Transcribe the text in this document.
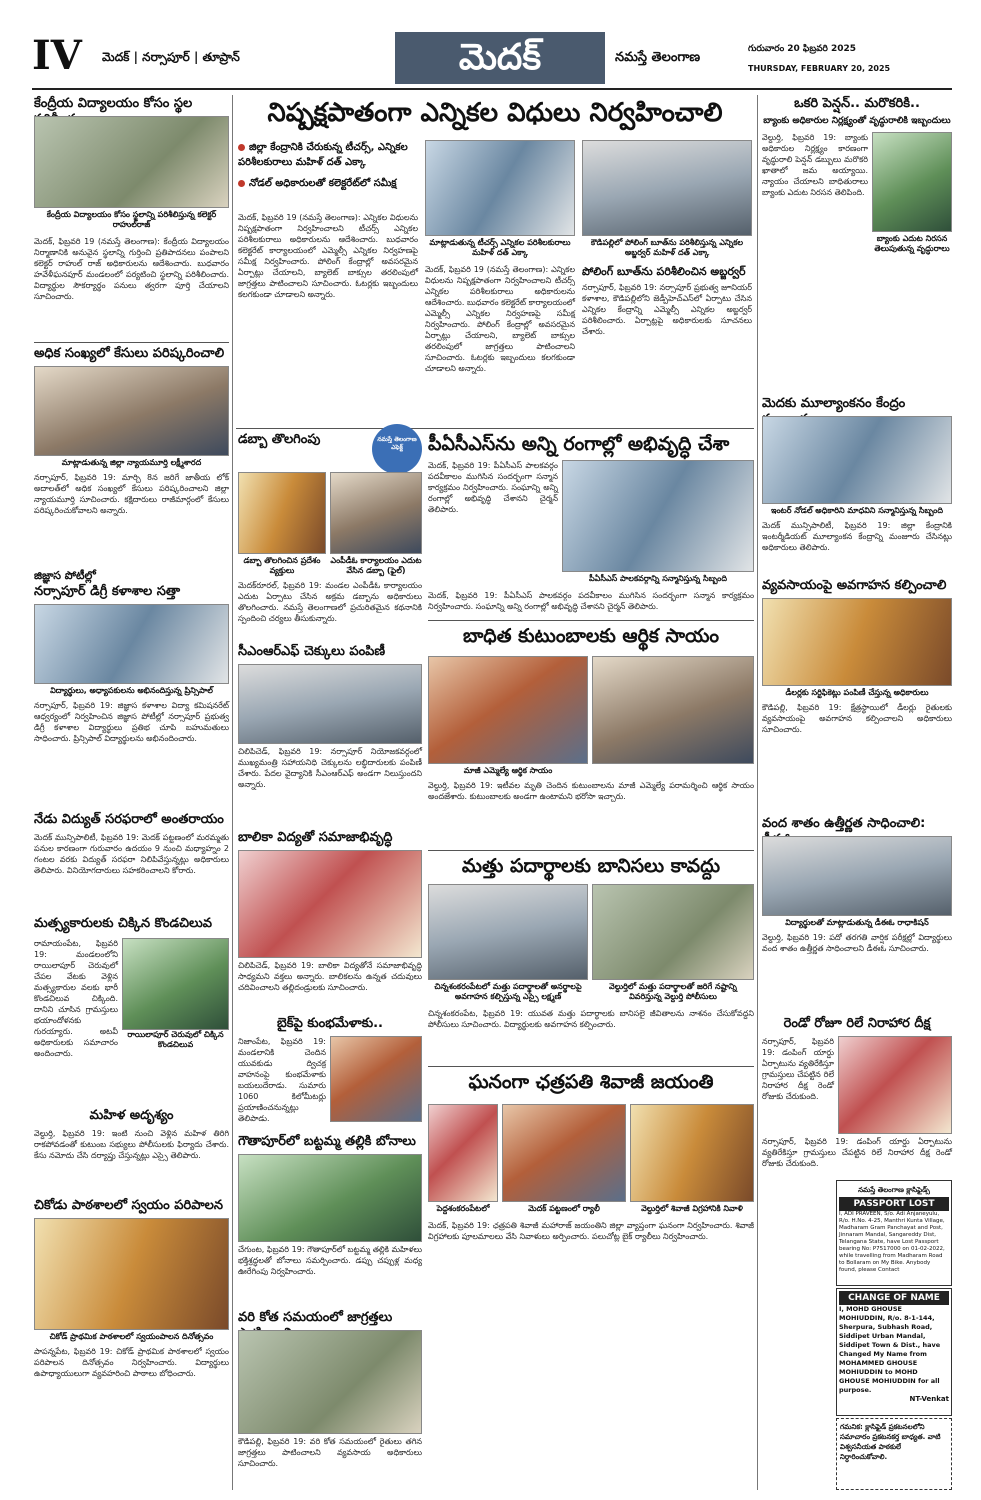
IV	మెదక్ | నర్సాపూర్ | తూప్రాన్	మెదక్	నమస్తే తెలంగాణ
గురువారం 20 ఫిబ్రవరి 2025
THURSDAY, FEBRUARY 20, 2025
కేంద్రీయ విద్యాలయం కోసం స్థల
కేంద్రీయ విద్యాలయం కోసం స్థలాన్ని పరిశీలిస్తున్న కలెక్టర్ రాహుల్‌రాజ్
మెదక్, ఫిబ్రవరి 19 (నమస్తే తెలంగాణ): కేంద్రీయ విద్యాలయం నిర్మాణానికి అనువైన స్థలాన్ని గుర్తించి ప్రతిపాదనలు పంపాలని కలెక్టర్ రాహుల్ రాజ్ అధికారులను ఆదేశించారు. బుధవారం హవేళీఘనపూర్ మండలంలో పర్యటించి స్థలాన్ని పరిశీలించారు. విద్యార్థుల సౌకర్యార్థం పనులు త్వరగా పూర్తి చేయాలని సూచించారు.
అధిక సంఖ్యలో కేసులు పరిష్కరించాలి
మాట్లాడుతున్న జిల్లా న్యాయమూర్తి లక్ష్మీశారద
నర్సాపూర్, ఫిబ్రవరి 19: మార్చి 8న జరిగే జాతీయ లోక్ అదాలత్‌లో అధిక సంఖ్యలో కేసులు పరిష్కరించాలని జిల్లా న్యాయమూర్తి సూచించారు. కక్షిదారులు రాజీమార్గంలో కేసులు పరిష్కరించుకోవాలని అన్నారు.
జిజ్ఞాస పోటీల్లో
నర్సాపూర్ డిగ్రీ కళాశాల సత్తా
విద్యార్థులు, అధ్యాపకులను అభినందిస్తున్న ప్రిన్సిపాల్
నర్సాపూర్, ఫిబ్రవరి 19: జిజ్ఞాస కళాశాల విద్యా కమిషనరేట్ ఆధ్వర్యంలో నిర్వహించిన జిజ్ఞాస పోటీల్లో నర్సాపూర్ ప్రభుత్వ డిగ్రీ కళాశాల విద్యార్థులు ప్రతిభ చూపి బహుమతులు సాధించారు. ప్రిన్సిపాల్ విద్యార్థులను అభినందించారు.
నేడు విద్యుత్ సరఫరాలో అంతరాయం
మెదక్ మున్సిపాలిటీ, ఫిబ్రవరి 19: మెదక్ పట్టణంలో మరమ్మతు పనుల కారణంగా గురువారం ఉదయం 9 నుంచి మధ్యాహ్నం 2 గంటల వరకు విద్యుత్ సరఫరా నిలిపివేస్తున్నట్లు అధికారులు తెలిపారు. వినియోగదారులు సహకరించాలని కోరారు.
మత్స్యకారులకు చిక్కిన కొండచిలువ
రాయిలాపూర్ చెరువులో చిక్కిన కొండచిలువ
రామాయంపేట, ఫిబ్రవరి 19: మండలంలోని రాయిలాపూర్ చెరువులో చేపల వేటకు వెళ్లిన మత్స్యకారుల వలకు భారీ కొండచిలువ చిక్కింది. దానిని చూసిన గ్రామస్తులు భయాందోళనకు గురయ్యారు. అటవీ అధికారులకు సమాచారం అందించారు.
మహిళ అదృశ్యం
వెల్దుర్తి, ఫిబ్రవరి 19: ఇంటి నుంచి వెళ్లిన మహిళ తిరిగి రాకపోవడంతో కుటుంబ సభ్యులు పోలీసులకు ఫిర్యాదు చేశారు. కేసు నమోదు చేసి దర్యాప్తు చేస్తున్నట్లు ఎస్సై తెలిపారు.
చికోడు పాఠశాలలో స్వయం పరిపాలన
చికోడ్ ప్రాథమిక పాఠశాలలో స్వయంపాలన దినోత్సవం
పాపన్నపేట, ఫిబ్రవరి 19: చికోడ్ ప్రాథమిక పాఠశాలలో స్వయం పరిపాలన దినోత్సవం నిర్వహించారు. విద్యార్థులు ఉపాధ్యాయులుగా వ్యవహరించి పాఠాలు బోధించారు.
నిష్పక్షపాతంగా ఎన్నికల విధులు నిర్వహించాలి
జిల్లా కేంద్రానికి చేరుకున్న టీచర్స్, ఎన్నికల పరిశీలకురాలు మహిళ్ దత్ ఎక్కా
నోడల్ అధికారులతో కలెక్టరేట్‌లో సమీక్ష
మాట్లాడుతున్న టీచర్స్ ఎన్నికల పరిశీలకురాలు మహిళ్ దత్ ఎక్కా
కౌడిపల్లిలో పోలింగ్ బూత్‌ను పరిశీలిస్తున్న ఎన్నికల అబ్జర్వర్ మహిళ్ దత్ ఎక్కా
మెదక్, ఫిబ్రవరి 19 (నమస్తే తెలంగాణ): ఎన్నికల విధులను నిష్పక్షపాతంగా నిర్వహించాలని టీచర్స్ ఎన్నికల పరిశీలకురాలు అధికారులను ఆదేశించారు. బుధవారం కలెక్టరేట్ కార్యాలయంలో ఎమ్మెల్సీ ఎన్నికల నిర్వహణపై సమీక్ష నిర్వహించారు. పోలింగ్ కేంద్రాల్లో అవసరమైన ఏర్పాట్లు చేయాలని, బ్యాలెట్ బాక్సుల తరలింపులో జాగ్రత్తలు పాటించాలని సూచించారు. ఓటర్లకు ఇబ్బందులు కలగకుండా చూడాలని అన్నారు.
మెదక్, ఫిబ్రవరి 19 (నమస్తే తెలంగాణ): ఎన్నికల విధులను నిష్పక్షపాతంగా నిర్వహించాలని టీచర్స్ ఎన్నికల పరిశీలకురాలు అధికారులను ఆదేశించారు. బుధవారం కలెక్టరేట్ కార్యాలయంలో ఎమ్మెల్సీ ఎన్నికల నిర్వహణపై సమీక్ష నిర్వహించారు. పోలింగ్ కేంద్రాల్లో అవసరమైన ఏర్పాట్లు చేయాలని, బ్యాలెట్ బాక్సుల తరలింపులో జాగ్రత్తలు పాటించాలని సూచించారు. ఓటర్లకు ఇబ్బందులు కలగకుండా చూడాలని అన్నారు.
పోలింగ్ బూత్‌ను పరిశీలించిన అబ్జర్వర్
నర్సాపూర్, ఫిబ్రవరి 19: నర్సాపూర్ ప్రభుత్వ జూనియర్ కళాశాల, కౌడిపల్లిలోని జెడ్పీహెచ్‌ఎస్‌లో ఏర్పాటు చేసిన ఎన్నికల కేంద్రాన్ని ఎమ్మెల్సీ ఎన్నికల అబ్జర్వర్ పరిశీలించారు. ఏర్పాట్లపై అధికారులకు సూచనలు చేశారు.
డబ్బా తొలగింపు	నమస్తే తెలంగాణ ఎఫెక్ట్
డబ్బా తొలగించిన ప్రదేశం వ్యక్తులు
ఎంపీడీఓ కార్యాలయం ఎదుట వేసిన డబ్బా (ఫైల్)
మెదక్‌రూరల్, ఫిబ్రవరి 19: మండల ఎంపీడీఓ కార్యాలయం ఎదుట ఏర్పాటు చేసిన అక్రమ డబ్బాను అధికారులు తొలగించారు. నమస్తే తెలంగాణలో ప్రచురితమైన కథనానికి స్పందించి చర్యలు తీసుకున్నారు.
సీఎంఆర్‌ఎఫ్ చెక్కులు పంపిణీ
చిలిపిచెడ్, ఫిబ్రవరి 19: నర్సాపూర్ నియోజకవర్గంలో ముఖ్యమంత్రి సహాయనిధి చెక్కులను లబ్ధిదారులకు పంపిణీ చేశారు. పేదల వైద్యానికి సీఎంఆర్‌ఎఫ్ అండగా నిలుస్తుందని అన్నారు.
బాలికా విద్యతో సమాజాభివృద్ధి
చిలిపిచెడ్, ఫిబ్రవరి 19: బాలికా విద్యతోనే సమాజాభివృద్ధి సాధ్యమని వక్తలు అన్నారు. బాలికలను ఉన్నత చదువులు చదివించాలని తల్లిదండ్రులకు సూచించారు.
బైక్‌పై కుంభమేళాకు..
నిజాంపేట, ఫిబ్రవరి 19: మండలానికి చెందిన యువకుడు ద్విచక్ర వాహనంపై కుంభమేళాకు బయలుదేరాడు. సుమారు 1060 కిలోమీటర్లు ప్రయాణించనున్నట్లు తెలిపాడు.
గౌతాపూర్‌లో బట్టమ్మ తల్లికి బోనాలు
చేగుంట, ఫిబ్రవరి 19: గౌతాపూర్‌లో బట్టమ్మ తల్లికి మహిళలు భక్తిశ్రద్ధలతో బోనాలు సమర్పించారు. డప్పు చప్పుళ్ల మధ్య ఊరేగింపు నిర్వహించారు.
వరి కోత సమయంలో జాగ్రత్తలు
కౌడిపల్లి, ఫిబ్రవరి 19: వరి కోత సమయంలో రైతులు తగిన జాగ్రత్తలు పాటించాలని వ్యవసాయ అధికారులు సూచించారు.
పీఏసీఎస్‌ను అన్ని రంగాల్లో అభివృద్ధి చేశా
మెదక్, ఫిబ్రవరి 19: పీఏసీఎస్ పాలకవర్గం పదవీకాలం ముగిసిన సందర్భంగా సన్మాన కార్యక్రమం నిర్వహించారు. సంఘాన్ని అన్ని రంగాల్లో అభివృద్ధి చేశానని చైర్మన్ తెలిపారు.
పీఏసీఎస్ పాలకవర్గాన్ని సన్మానిస్తున్న సిబ్బంది
మెదక్, ఫిబ్రవరి 19: పీఏసీఎస్ పాలకవర్గం పదవీకాలం ముగిసిన సందర్భంగా సన్మాన కార్యక్రమం నిర్వహించారు. సంఘాన్ని అన్ని రంగాల్లో అభివృద్ధి చేశానని చైర్మన్ తెలిపారు.
బాధిత కుటుంబాలకు ఆర్థిక సాయం
మాజీ ఎమ్మెల్యే ఆర్థిక సాయం
వెల్దుర్తి, ఫిబ్రవరి 19: ఇటీవల మృతి చెందిన కుటుంబాలను మాజీ ఎమ్మెల్యే పరామర్శించి ఆర్థిక సాయం అందజేశారు. కుటుంబాలకు అండగా ఉంటామని భరోసా ఇచ్చారు.
మత్తు పదార్థాలకు బానిసలు కావద్దు
చిన్నశంకరంపేటలో మత్తు పదార్థాలతో అనర్థాలపై అవగాహన కల్పిస్తున్న ఎస్సై లక్ష్మణ్
వెల్దుర్తిలో మత్తు పదార్థాలతో జరిగే నష్టాన్ని వివరిస్తున్న వెల్దుర్తి పోలీసులు
చిన్నశంకరంపేట, ఫిబ్రవరి 19: యువత మత్తు పదార్థాలకు బానిసలై జీవితాలను నాశనం చేసుకోవద్దని పోలీసులు సూచించారు. విద్యార్థులకు అవగాహన కల్పించారు.
ఘనంగా ఛత్రపతి శివాజీ జయంతి
పెద్దశంకరంపేటలో	మెదక్ పట్టణంలో ర్యాలీ	వెల్దుర్తిలో శివాజీ విగ్రహానికి నివాళి
మెదక్, ఫిబ్రవరి 19: ఛత్రపతి శివాజీ మహారాజ్ జయంతిని జిల్లా వ్యాప్తంగా ఘనంగా నిర్వహించారు. శివాజీ విగ్రహాలకు పూలమాలలు వేసి నివాళులు అర్పించారు. పలుచోట్ల బైక్ ర్యాలీలు నిర్వహించారు.
ఒకరి పెన్షన్.. మరొకరికి..
బ్యాంకు అధికారుల నిర్లక్ష్యంతో వృద్ధురాలికి ఇబ్బందులు
బ్యాంకు ఎదుట నిరసన తెలుపుతున్న వృద్ధురాలు
వెల్దుర్తి, ఫిబ్రవరి 19: బ్యాంకు అధికారుల నిర్లక్ష్యం కారణంగా వృద్ధురాలి పెన్షన్ డబ్బులు మరొకరి ఖాతాలో జమ అయ్యాయి. న్యాయం చేయాలని బాధితురాలు బ్యాంకు ఎదుట నిరసన తెలిపింది.
మెదకు మూల్యాంకనం కేంద్రం
ఇంటర్ నోడల్ అధికారిని మాధవిని సన్మానిస్తున్న సిబ్బంది
మెదక్ మున్సిపాలిటీ, ఫిబ్రవరి 19: జిల్లా కేంద్రానికి ఇంటర్మీడియట్ మూల్యాంకన కేంద్రాన్ని మంజూరు చేసినట్లు అధికారులు తెలిపారు.
వ్యవసాయంపై అవగాహన కల్పించాలి
డీలర్లకు సర్టిఫికెట్లు పంపిణీ చేస్తున్న అధికారులు
కౌడిపల్లి, ఫిబ్రవరి 19: క్షేత్రస్థాయిలో డీలర్లు రైతులకు వ్యవసాయంపై అవగాహన కల్పించాలని అధికారులు సూచించారు.
వంద శాతం ఉత్తీర్ణత సాధించాలి:
విద్యార్థులతో మాట్లాడుతున్న డీఈఓ రాధాకిషన్
వెల్దుర్తి, ఫిబ్రవరి 19: పదో తరగతి వార్షిక పరీక్షల్లో విద్యార్థులు వంద శాతం ఉత్తీర్ణత సాధించాలని డీఈఓ సూచించారు.
రెండో రోజూ రిలే నిరాహార దీక్ష
నర్సాపూర్, ఫిబ్రవరి 19: డంపింగ్ యార్డు ఏర్పాటును వ్యతిరేకిస్తూ గ్రామస్తులు చేపట్టిన రిలే నిరాహార దీక్ష రెండో రోజుకు చేరుకుంది.
నర్సాపూర్, ఫిబ్రవరి 19: డంపింగ్ యార్డు ఏర్పాటును వ్యతిరేకిస్తూ గ్రామస్తులు చేపట్టిన రిలే నిరాహార దీక్ష రెండో రోజుకు చేరుకుంది.
నమస్తే తెలంగాణ క్లాసిఫైడ్స్
PASSPORT LOST
I, ADI PRAVEEN, S/o. Adi Anjaneyulu, R/o. H.No. 4-25, Manthri Kunta Village, Madharam Gram Panchayat and Post, Jinnaram Mandal, Sangareddy Dist, Telangana State, have Lost Passport bearing No: P7517000 on 01-02-2022, while travelling from Madharam Road to Bollaram on My Bike. Anybody found, please Contact
CHANGE OF NAME
I, MOHD GHOUSE MOHIUDDIN, R/o. 8-1-144, Sherpura, Subhash Road, Siddipet Urban Mandal, Siddipet Town & Dist., have Changed My Name from MOHAMMED GHOUSE MOHIUDDIN to MOHD GHOUSE MOHIUDDIN for all purpose.
NT-Venkat
గమనిక: క్లాసిఫైడ్ ప్రకటనలలోని సమాచారం ప్రకటనకర్త బాధ్యత. వాటి విశ్వసనీయత పాఠకులే నిర్ధారించుకోవాలి.
